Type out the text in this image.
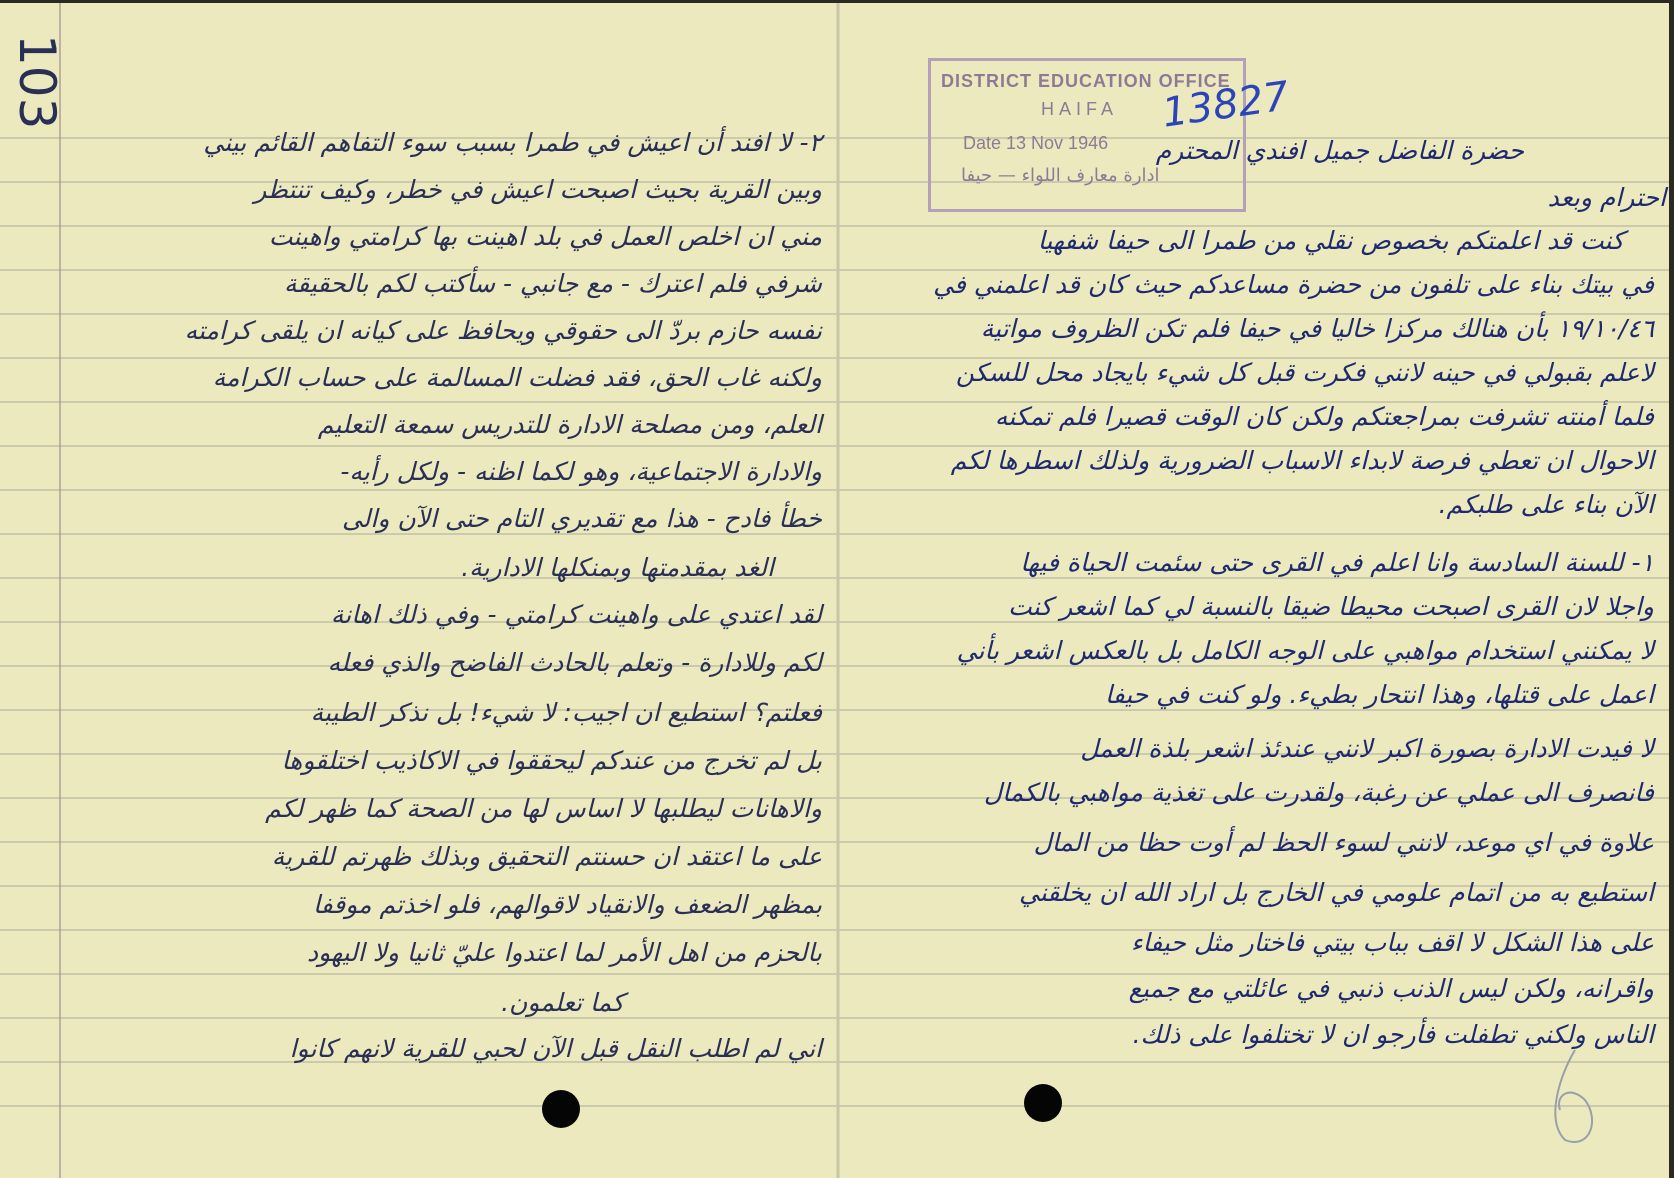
103	DISTRICT EDUCATION OFFICE
HAIFA
Date 13 Nov 1946
ادارة معارف اللواء — حيفا
13827
حضرة الفاضل جميل افندي المحترم
احترام وبعد
كنت قد اعلمتكم بخصوص نقلي من طمرا الى حيفا شفهيا
في بيتك بناء على تلفون من حضرة مساعدكم حيث كان قد اعلمني في
١٩/١٠/٤٦ بأن هنالك مركزا خاليا في حيفا فلم تكن الظروف مواتية
لاعلم بقبولي في حينه لانني فكرت قبل كل شيء بايجاد محل للسكن
فلما أمنته تشرفت بمراجعتكم ولكن كان الوقت قصيرا فلم تمكنه
الاحوال ان تعطي فرصة لابداء الاسباب الضرورية ولذلك اسطرها لكم
الآن بناء على طلبكم.
١- للسنة السادسة وانا اعلم في القرى حتى سئمت الحياة فيها
واجلا لان القرى اصبحت محيطا ضيقا بالنسبة لي كما اشعر كنت
لا يمكنني استخدام مواهبي على الوجه الكامل بل بالعكس اشعر بأني
اعمل على قتلها، وهذا انتحار بطيء. ولو كنت في حيفا
لا فيدت الادارة بصورة اكبر لانني عندئذ اشعر بلذة العمل
فانصرف الى عملي عن رغبة، ولقدرت على تغذية مواهبي بالكمال
علاوة في اي موعد، لانني لسوء الحظ لم أوت حظا من المال
استطيع به من اتمام علومي في الخارج بل اراد الله ان يخلقني
على هذا الشكل لا اقف بباب بيتي فاختار مثل حيفاء
واقرانه، ولكن ليس الذنب ذنبي في عائلتي مع جميع
الناس ولكني تطفلت فأرجو ان لا تختلفوا على ذلك.
٢- لا افند أن اعيش في طمرا بسبب سوء التفاهم القائم بيني
وبين القرية بحيث اصبحت اعيش في خطر، وكيف تنتظر
مني ان اخلص العمل في بلد اهينت بها كرامتي واهينت
شرفي فلم اعترك - مع جانبي - سأكتب لكم بالحقيقة
نفسه حازم بردّ الى حقوقي ويحافظ على كيانه ان يلقى كرامته
ولكنه غاب الحق، فقد فضلت المسالمة على حساب الكرامة
العلم، ومن مصلحة الادارة للتدريس سمعة التعليم
والادارة الاجتماعية، وهو لكما اظنه - ولكل رأيه-
خطأ فادح - هذا مع تقديري التام حتى الآن والى
الغد بمقدمتها وبمنكلها الادارية.
لقد اعتدي على واهينت كرامتي - وفي ذلك اهانة
لكم وللادارة - وتعلم بالحادث الفاضح والذي فعله
فعلتم؟ استطيع ان اجيب: لا شيء! بل نذكر الطيبة
بل لم تخرج من عندكم ليحققوا في الاكاذيب اختلقوها
والاهانات ليطلبها لا اساس لها من الصحة كما ظهر لكم
على ما اعتقد ان حسنتم التحقيق وبذلك ظهرتم للقرية
بمظهر الضعف والانقياد لاقوالهم، فلو اخذتم موقفا
بالحزم من اهل الأمر لما اعتدوا عليّ ثانيا ولا اليهود
كما تعلمون.
اني لم اطلب النقل قبل الآن لحبي للقرية لانهم كانوا
